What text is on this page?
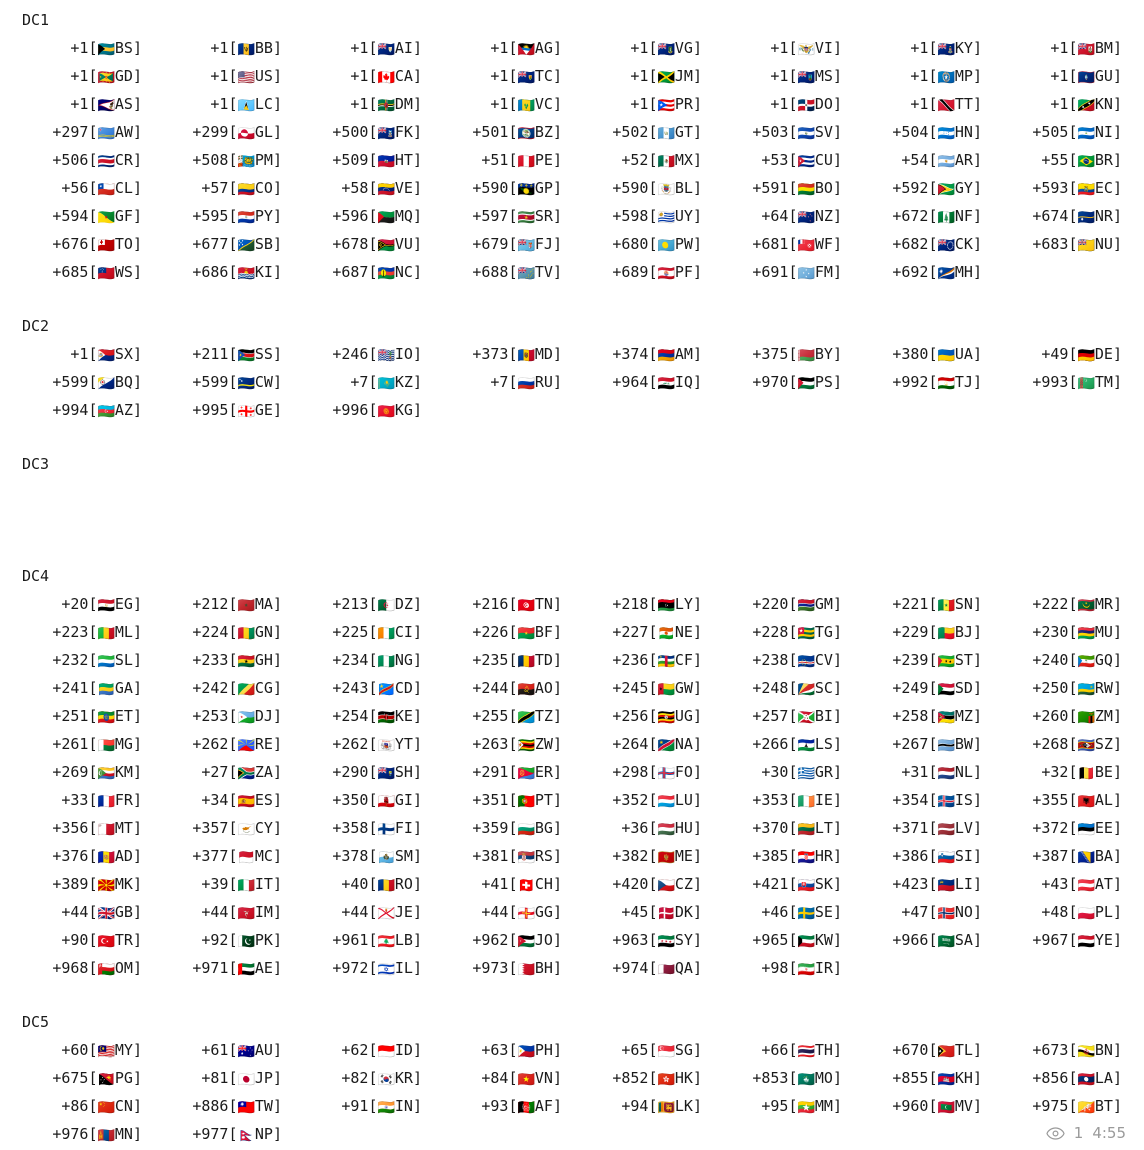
DC1
+1[🇧🇸BS]	+1[🇧🇧BB]	+1[🇦🇮AI]	+1[🇦🇬AG]	+1[🇻🇬VG]	+1[🇻🇮VI]	+1[🇰🇾KY]	+1[🇧🇲BM]
+1[🇬🇩GD]	+1[🇺🇸US]	+1[🇨🇦CA]	+1[🇹🇨TC]	+1[🇯🇲JM]	+1[🇲🇸MS]	+1[🇲🇵MP]	+1[🇬🇺GU]
+1[🇦🇸AS]	+1[🇱🇨LC]	+1[🇩🇲DM]	+1[🇻🇨VC]	+1[🇵🇷PR]	+1[🇩🇴DO]	+1[🇹🇹TT]	+1[🇰🇳KN]
+297[🇦🇼AW]	+299[🇬🇱GL]	+500[🇫🇰FK]	+501[🇧🇿BZ]	+502[🇬🇹GT]	+503[🇸🇻SV]	+504[🇭🇳HN]	+505[🇳🇮NI]
+506[🇨🇷CR]	+508[🇵🇲PM]	+509[🇭🇹HT]	+51[🇵🇪PE]	+52[🇲🇽MX]	+53[🇨🇺CU]	+54[🇦🇷AR]	+55[🇧🇷BR]
+56[🇨🇱CL]	+57[🇨🇴CO]	+58[🇻🇪VE]	+590[🇬🇵GP]	+590[🇧🇱BL]	+591[🇧🇴BO]	+592[🇬🇾GY]	+593[🇪🇨EC]
+594[🇬🇫GF]	+595[🇵🇾PY]	+596[🇲🇶MQ]	+597[🇸🇷SR]	+598[🇺🇾UY]	+64[🇳🇿NZ]	+672[🇳🇫NF]	+674[🇳🇷NR]
+676[🇹🇴TO]	+677[🇸🇧SB]	+678[🇻🇺VU]	+679[🇫🇯FJ]	+680[🇵🇼PW]	+681[🇼🇫WF]	+682[🇨🇰CK]	+683[🇳🇺NU]
+685[🇼🇸WS]	+686[🇰🇮KI]	+687[🇳🇨NC]	+688[🇹🇻TV]	+689[🇵🇫PF]	+691[🇫🇲FM]	+692[🇲🇭MH]
DC2
+1[🇸🇽SX]	+211[🇸🇸SS]	+246[🇮🇴IO]	+373[🇲🇩MD]	+374[🇦🇲AM]	+375[🇧🇾BY]	+380[🇺🇦UA]	+49[🇩🇪DE]
+599[🇧🇶BQ]	+599[🇨🇼CW]	+7[🇰🇿KZ]	+7[🇷🇺RU]	+964[🇮🇶IQ]	+970[🇵🇸PS]	+992[🇹🇯TJ]	+993[🇹🇲TM]
+994[🇦🇿AZ]	+995[🇬🇪GE]	+996[🇰🇬KG]
DC3
DC4
+20[🇪🇬EG]	+212[🇲🇦MA]	+213[🇩🇿DZ]	+216[🇹🇳TN]	+218[🇱🇾LY]	+220[🇬🇲GM]	+221[🇸🇳SN]	+222[🇲🇷MR]
+223[🇲🇱ML]	+224[🇬🇳GN]	+225[🇨🇮CI]	+226[🇧🇫BF]	+227[🇳🇪NE]	+228[🇹🇬TG]	+229[🇧🇯BJ]	+230[🇲🇺MU]
+232[🇸🇱SL]	+233[🇬🇭GH]	+234[🇳🇬NG]	+235[🇹🇩TD]	+236[🇨🇫CF]	+238[🇨🇻CV]	+239[🇸🇹ST]	+240[🇬🇶GQ]
+241[🇬🇦GA]	+242[🇨🇬CG]	+243[🇨🇩CD]	+244[🇦🇴AO]	+245[🇬🇼GW]	+248[🇸🇨SC]	+249[🇸🇩SD]	+250[🇷🇼RW]
+251[🇪🇹ET]	+253[🇩🇯DJ]	+254[🇰🇪KE]	+255[🇹🇿TZ]	+256[🇺🇬UG]	+257[🇧🇮BI]	+258[🇲🇿MZ]	+260[🇿🇲ZM]
+261[🇲🇬MG]	+262[🇷🇪RE]	+262[🇾🇹YT]	+263[🇿🇼ZW]	+264[🇳🇦NA]	+266[🇱🇸LS]	+267[🇧🇼BW]	+268[🇸🇿SZ]
+269[🇰🇲KM]	+27[🇿🇦ZA]	+290[🇸🇭SH]	+291[🇪🇷ER]	+298[🇫🇴FO]	+30[🇬🇷GR]	+31[🇳🇱NL]	+32[🇧🇪BE]
+33[🇫🇷FR]	+34[🇪🇸ES]	+350[🇬🇮GI]	+351[🇵🇹PT]	+352[🇱🇺LU]	+353[🇮🇪IE]	+354[🇮🇸IS]	+355[🇦🇱AL]
+356[🇲🇹MT]	+357[🇨🇾CY]	+358[🇫🇮FI]	+359[🇧🇬BG]	+36[🇭🇺HU]	+370[🇱🇹LT]	+371[🇱🇻LV]	+372[🇪🇪EE]
+376[🇦🇩AD]	+377[🇲🇨MC]	+378[🇸🇲SM]	+381[🇷🇸RS]	+382[🇲🇪ME]	+385[🇭🇷HR]	+386[🇸🇮SI]	+387[🇧🇦BA]
+389[🇲🇰MK]	+39[🇮🇹IT]	+40[🇷🇴RO]	+41[🇨🇭CH]	+420[🇨🇿CZ]	+421[🇸🇰SK]	+423[🇱🇮LI]	+43[🇦🇹AT]
+44[🇬🇧GB]	+44[🇮🇲IM]	+44[🇯🇪JE]	+44[🇬🇬GG]	+45[🇩🇰DK]	+46[🇸🇪SE]	+47[🇳🇴NO]	+48[🇵🇱PL]
+90[🇹🇷TR]	+92[🇵🇰PK]	+961[🇱🇧LB]	+962[🇯🇴JO]	+963[🇸🇾SY]	+965[🇰🇼KW]	+966[🇸🇦SA]	+967[🇾🇪YE]
+968[🇴🇲OM]	+971[🇦🇪AE]	+972[🇮🇱IL]	+973[🇧🇭BH]	+974[🇶🇦QA]	+98[🇮🇷IR]
DC5
+60[🇲🇾MY]	+61[🇦🇺AU]	+62[🇮🇩ID]	+63[🇵🇭PH]	+65[🇸🇬SG]	+66[🇹🇭TH]	+670[🇹🇱TL]	+673[🇧🇳BN]
+675[🇵🇬PG]	+81[🇯🇵JP]	+82[🇰🇷KR]	+84[🇻🇳VN]	+852[🇭🇰HK]	+853[🇲🇴MO]	+855[🇰🇭KH]	+856[🇱🇦LA]
+86[🇨🇳CN]	+886[🇹🇼TW]	+91[🇮🇳IN]	+93[🇦🇫AF]	+94[🇱🇰LK]	+95[🇲🇲MM]	+960[🇲🇻MV]	+975[🇧🇹BT]
+976[🇲🇳MN]	+977[🇳🇵NP]	1 4:55
